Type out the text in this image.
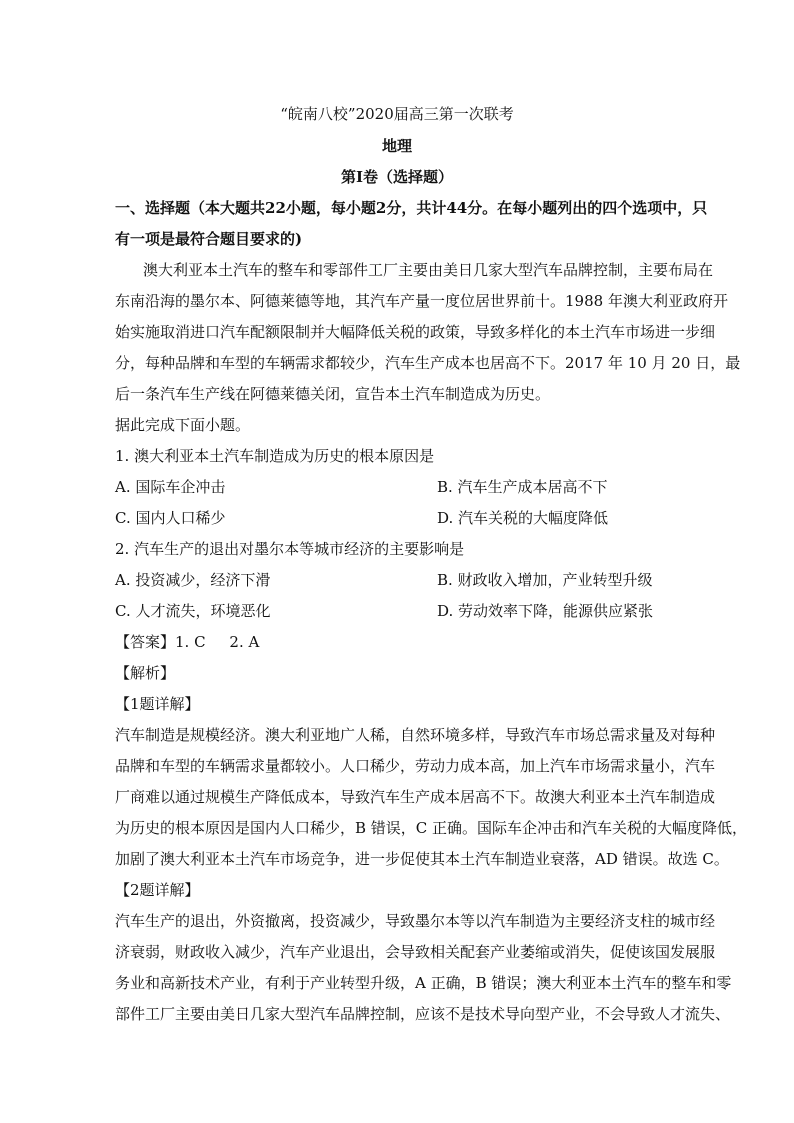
“皖南八校”2020届高三第一次联考
地理
第Ⅰ卷（选择题）
一、选择题（本大题共22小题，每小题2分，共计44分。在每小题列出的四个选项中，只
有一项是最符合题目要求的)
澳大利亚本土汽车的整车和零部件工厂主要由美日几家大型汽车品牌控制，主要布局在
东南沿海的墨尔本、阿德莱德等地，其汽车产量一度位居世界前十。1988 年澳大利亚政府开
始实施取消进口汽车配额限制并大幅降低关税的政策，导致多样化的本土汽车市场进一步细
分，每种品牌和车型的车辆需求都较少，汽车生产成本也居高不下。2017 年 10 月 20 日，最
后一条汽车生产线在阿德莱德关闭，宣告本土汽车制造成为历史。
据此完成下面小题。
1. 澳大利亚本土汽车制造成为历史的根本原因是
A. 国际车企冲击	B. 汽车生产成本居高不下
C. 国内人口稀少	D. 汽车关税的大幅度降低
2. 汽车生产的退出对墨尔本等城市经济的主要影响是
A. 投资减少，经济下滑	B. 财政收入增加，产业转型升级
C. 人才流失，环境恶化	D. 劳动效率下降，能源供应紧张
【答案】1. C     2. A
【解析】
【1题详解】
汽车制造是规模经济。澳大利亚地广人稀，自然环境多样，导致汽车市场总需求量及对每种
品牌和车型的车辆需求量都较小。人口稀少，劳动力成本高，加上汽车市场需求量小，汽车
厂商难以通过规模生产降低成本，导致汽车生产成本居高不下。故澳大利亚本土汽车制造成
为历史的根本原因是国内人口稀少，B 错误，C 正确。国际车企冲击和汽车关税的大幅度降低，
加剧了澳大利亚本土汽车市场竞争，进一步促使其本土汽车制造业衰落，AD 错误。故选 C。
【2题详解】
汽车生产的退出，外资撤离，投资减少，导致墨尔本等以汽车制造为主要经济支柱的城市经
济衰弱，财政收入减少，汽车产业退出，会导致相关配套产业萎缩或消失，促使该国发展服
务业和高新技术产业，有利于产业转型升级，A 正确，B 错误；澳大利亚本土汽车的整车和零
部件工厂主要由美日几家大型汽车品牌控制，应该不是技术导向型产业，不会导致人才流失、
